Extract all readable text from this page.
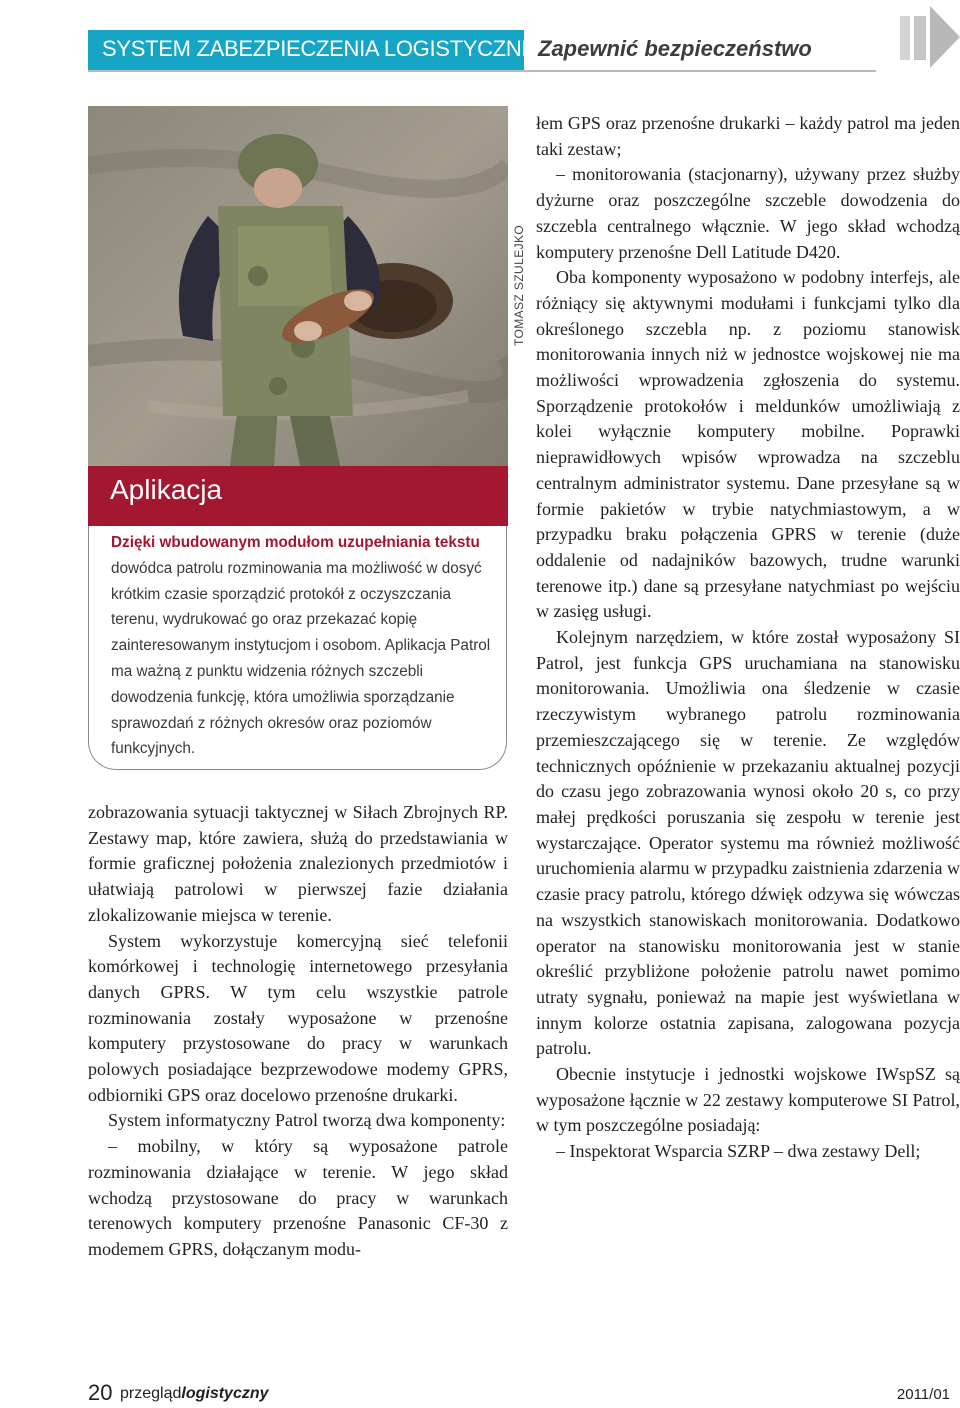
SYSTEM ZABEZPIECZENIA LOGISTYCZNEGO
Zapewnić bezpieczeństwo
TOMASZ SZULEJKO
Aplikacja

Dzięki wbudowanym modułom uzupełniania tekstu dowódca patrolu rozminowania ma możliwość w dosyć krótkim czasie sporządzić protokół z oczyszczania terenu, wydrukować go oraz przekazać kopię zainteresowanym instytucjom i osobom. Aplikacja Patrol ma ważną z punktu widzenia różnych szczebli dowodzenia funkcję, która umożliwia sporządzanie sprawozdań z różnych okresów oraz poziomów funkcyjnych.

zobrazowania sytuacji taktycznej w Siłach Zbrojnych RP. Zestawy map, które zawiera, służą do przedstawiania w formie graficznej położenia znalezionych przedmiotów i ułatwiają patrolowi w pierwszej fazie działania zlokalizowanie miejsca w terenie.

System wykorzystuje komercyjną sieć telefonii komórkowej i technologię internetowego przesyłania danych GPRS. W tym celu wszystkie patrole rozminowania zostały wyposażone w przenośne komputery przystosowane do pracy w warunkach polowych posiadające bezprzewodowe modemy GPRS, odbiorniki GPS oraz docelowo przenośne drukarki.

System informatyczny Patrol tworzą dwa komponenty:

– mobilny, w który są wyposażone patrole rozminowania działające w terenie. W jego skład wchodzą przystosowane do pracy w warunkach terenowych komputery przenośne Panasonic CF-30 z modemem GPRS, dołączanym modu-

łem GPS oraz przenośne drukarki – każdy patrol ma jeden taki zestaw;

– monitorowania (stacjonarny), używany przez służby dyżurne oraz poszczególne szczeble dowodzenia do szczebla centralnego włącznie. W jego skład wchodzą komputery przenośne Dell Latitude D420.

Oba komponenty wyposażono w podobny interfejs, ale różniący się aktywnymi modułami i funkcjami tylko dla określonego szczebla np. z poziomu stanowisk monitorowania innych niż w jednostce wojskowej nie ma możliwości wprowadzenia zgłoszenia do systemu. Sporządzenie protokołów i meldunków umożliwiają z kolei wyłącznie komputery mobilne. Poprawki nieprawidłowych wpisów wprowadza na szczeblu centralnym administrator systemu. Dane przesyłane są w formie pakietów w trybie natychmiastowym, a w przypadku braku połączenia GPRS w terenie (duże oddalenie od nadajników bazowych, trudne warunki terenowe itp.) dane są przesyłane natychmiast po wejściu w zasięg usługi.

Kolejnym narzędziem, w które został wyposażony SI Patrol, jest funkcja GPS uruchamiana na stanowisku monitorowania. Umożliwia ona śledzenie w czasie rzeczywistym wybranego patrolu rozminowania przemieszczającego się w terenie. Ze względów technicznych opóźnienie w przekazaniu aktualnej pozycji do czasu jego zobrazowania wynosi około 20 s, co przy małej prędkości poruszania się zespołu w terenie jest wystarczające. Operator systemu ma również możliwość uruchomienia alarmu w przypadku zaistnienia zdarzenia w czasie pracy patrolu, którego dźwięk odzywa się wówczas na wszystkich stanowiskach monitorowania. Dodatkowo operator na stanowisku monitorowania jest w stanie określić przybliżone położenie patrolu nawet pomimo utraty sygnału, ponieważ na mapie jest wyświetlana w innym kolorze ostatnia zapisana, zalogowana pozycja patrolu.

Obecnie instytucje i jednostki wojskowe IWspSZ są wyposażone łącznie w 22 zestawy komputerowe SI Patrol, w tym poszczególne posiadają:

– Inspektorat Wsparcia SZRP – dwa zestawy Dell;

20 przeglądlogistyczny	2011/01
